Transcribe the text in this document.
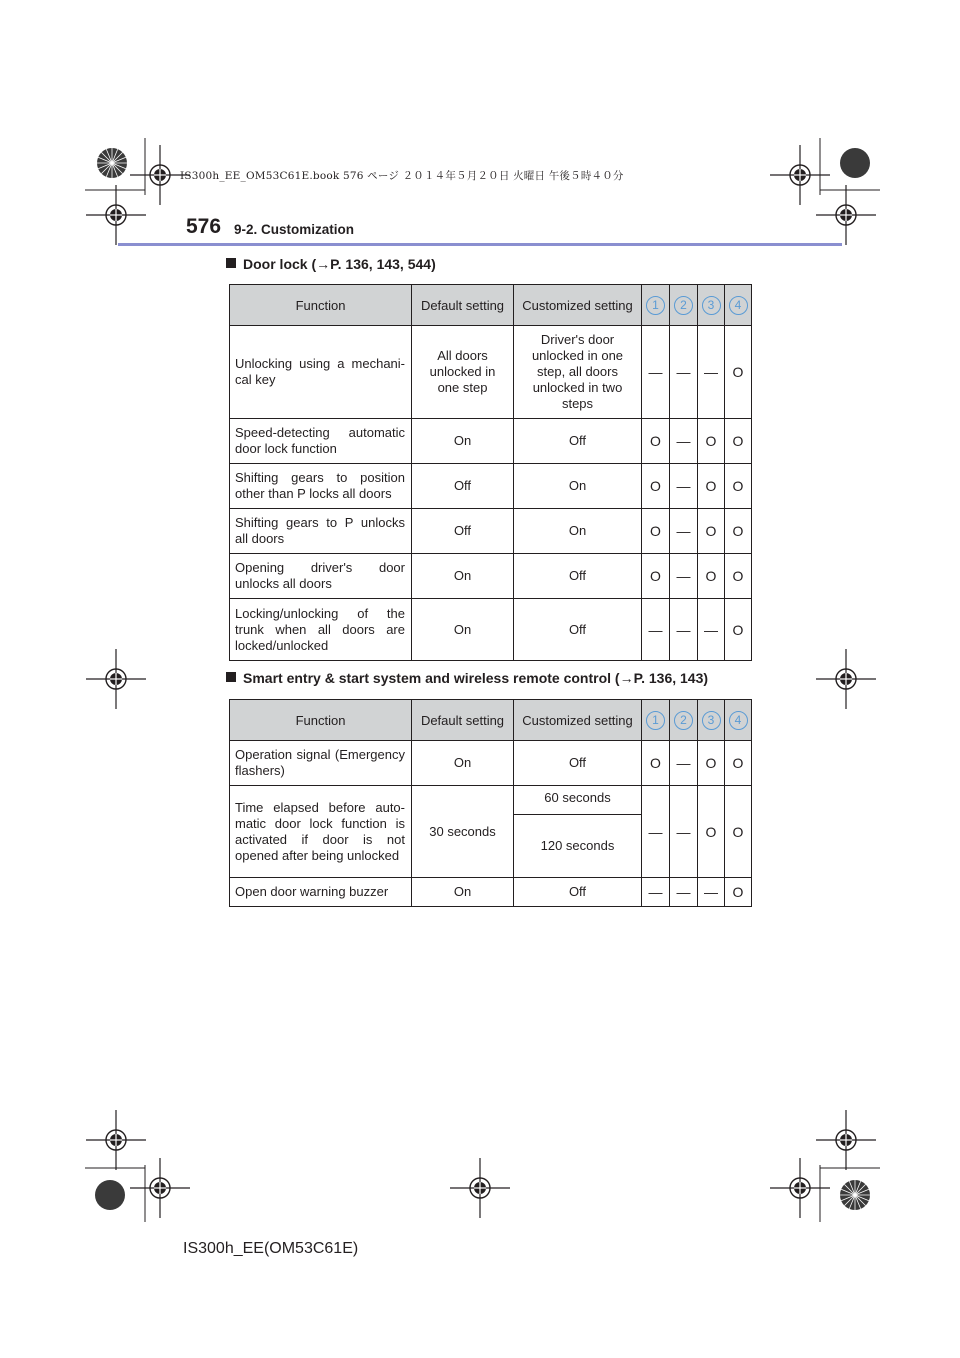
IS300h_EE_OM53C61E.book 576 ページ ２０１４年５月２０日 火曜日 午後５時４０分
576 9-2. Customization
Door lock (→P. 136, 143, 544)
Function	Default setting	Customized setting	1	2	3	4
Unlocking using a mechani-cal key	All doors unlocked in one step	Driver's door unlocked in one step, all doors unlocked in two steps	—	—	—	O
Speed-detecting automatic door lock function	On	Off	O	—	O	O
Shifting gears to position other than P locks all doors	Off	On	O	—	O	O
Shifting gears to P unlocks all doors	Off	On	O	—	O	O
Opening driver's door unlocks all doors	On	Off	O	—	O	O
Locking/unlocking of the trunk when all doors are locked/unlocked	On	Off	—	—	—	O
Smart entry & start system and wireless remote control (→P. 136, 143)
Function	Default setting	Customized setting	1	2	3	4
Operation signal (Emergency flashers)	On	Off	O	—	O	O
Time elapsed before auto-matic door lock function is activated if door is not opened after being unlocked	30 seconds	60 seconds	—	—	O	O
		120 seconds				
Open door warning buzzer	On	Off	—	—	—	O
IS300h_EE(OM53C61E)
